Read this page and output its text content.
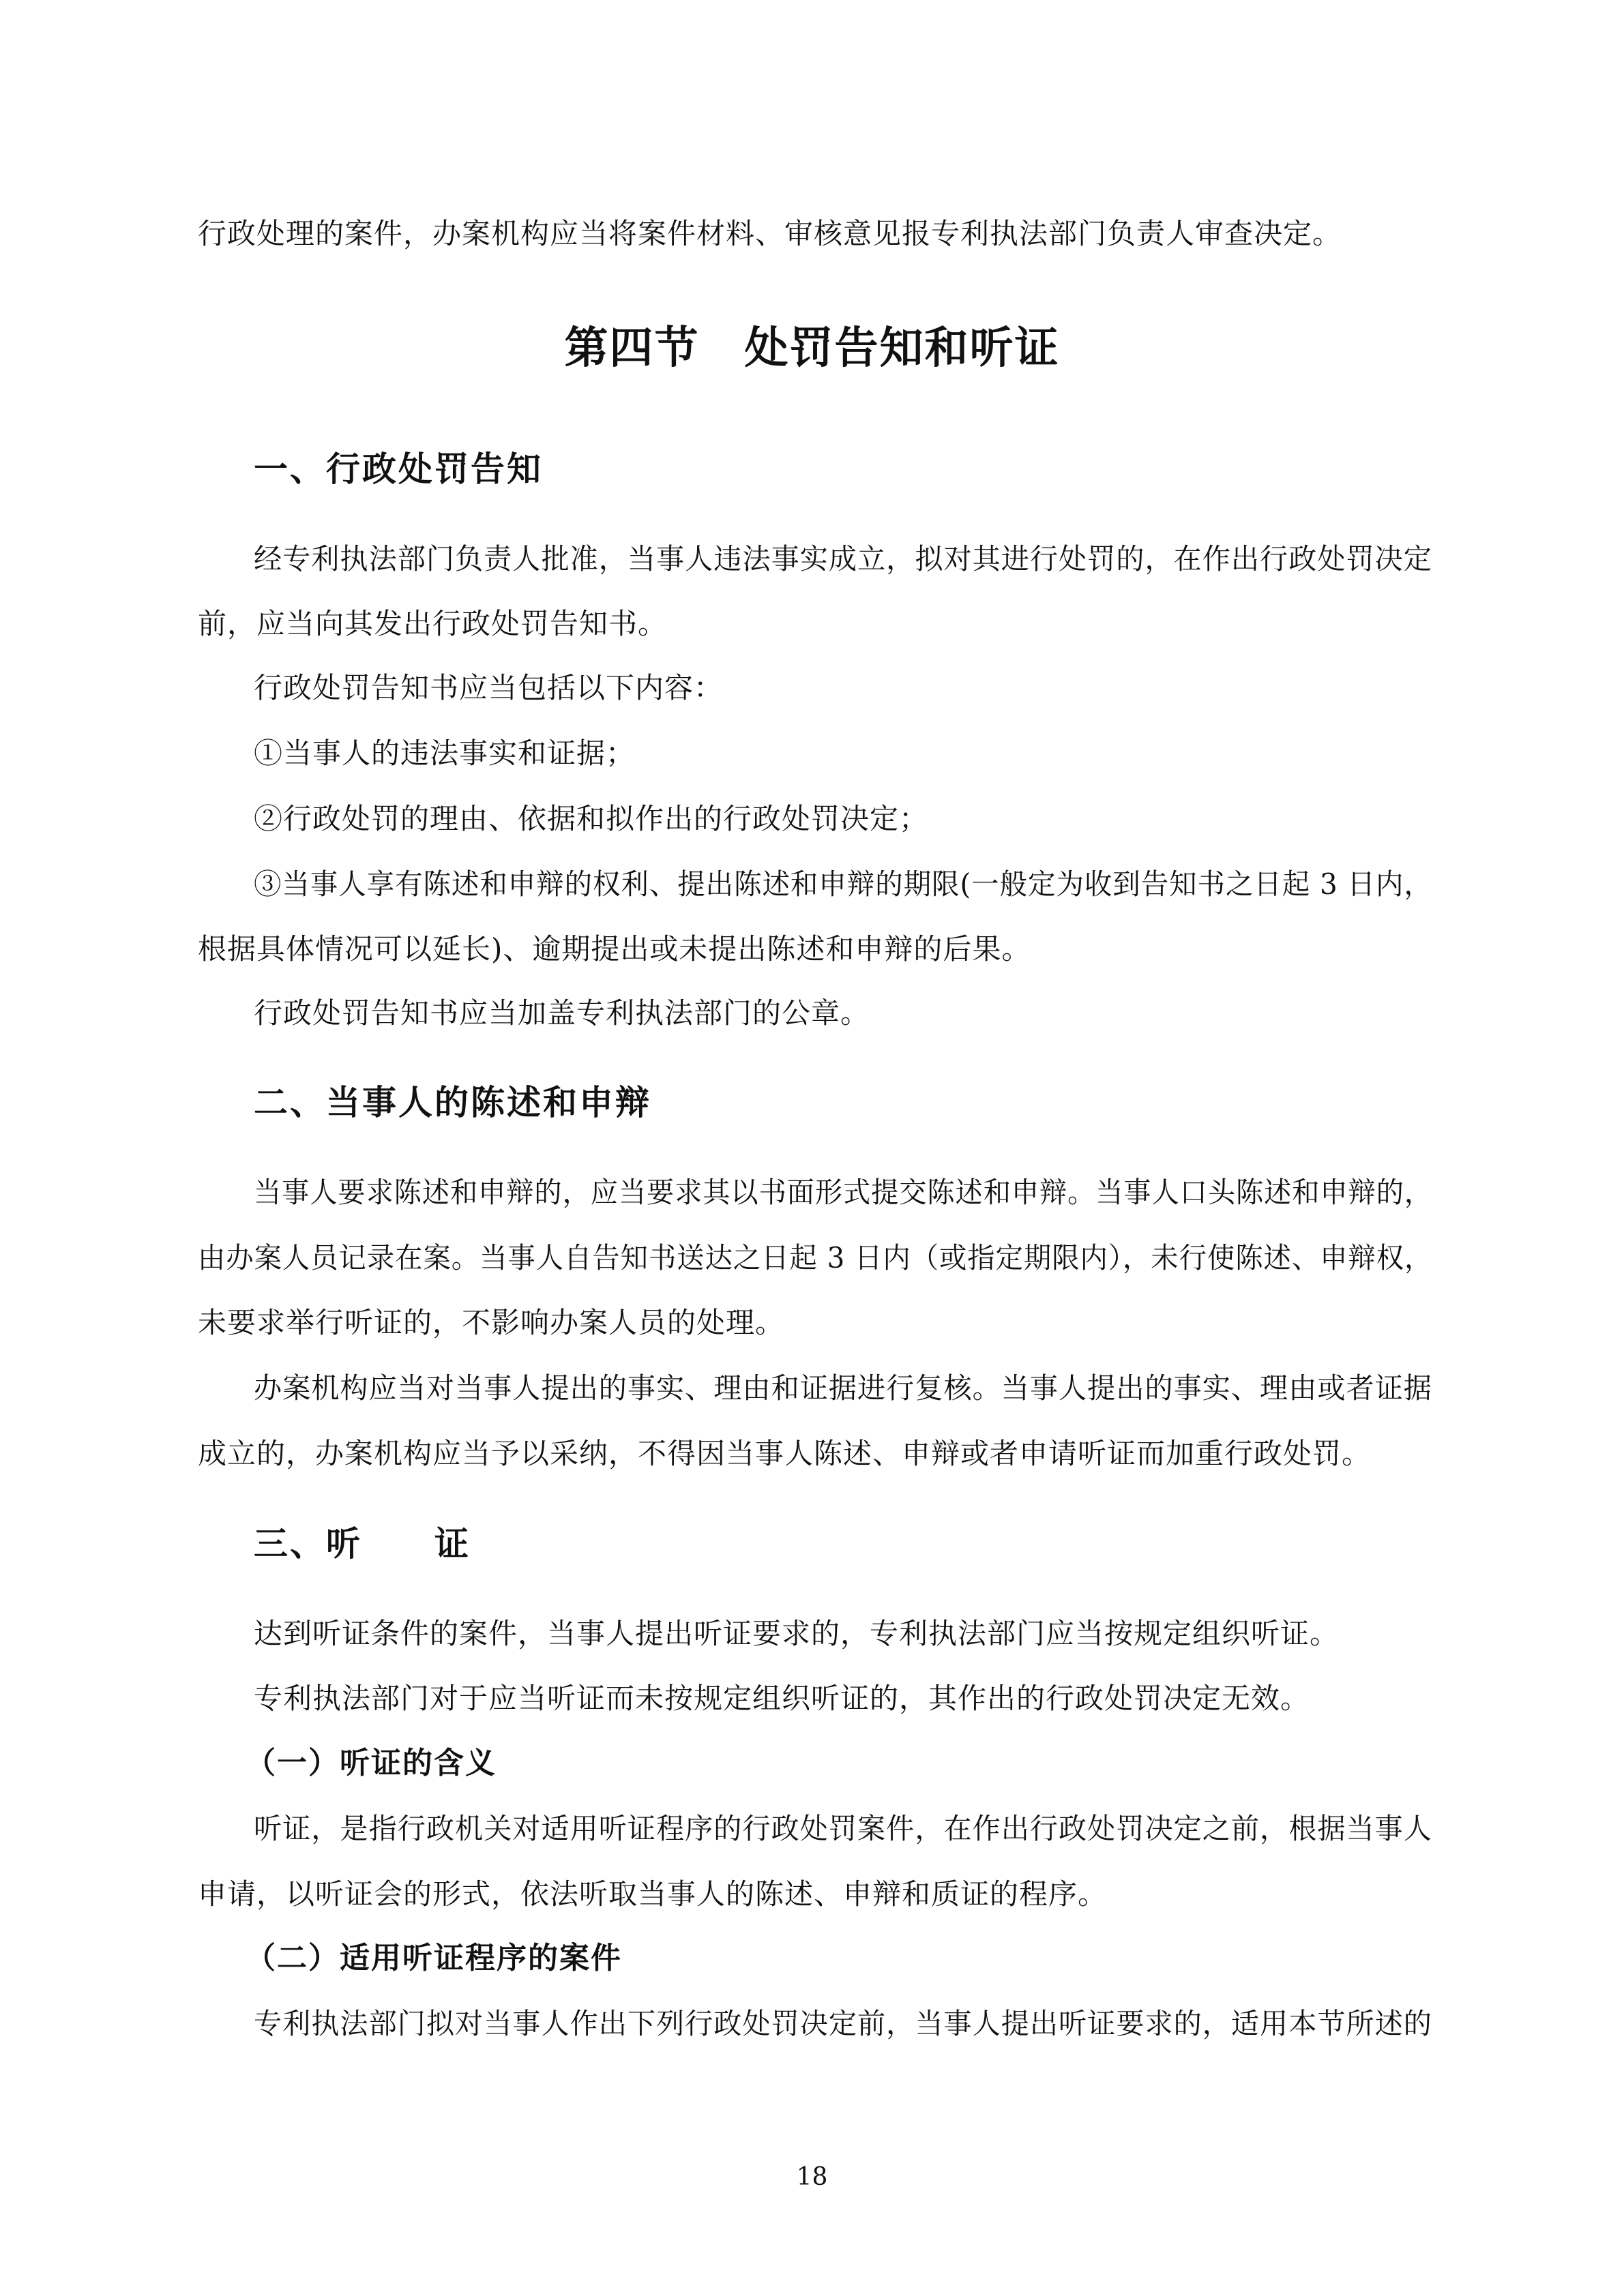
行政处理的案件，办案机构应当将案件材料、审核意见报专利执法部门负责人审查决定。
第四节　处罚告知和听证
一、行政处罚告知
经专利执法部门负责人批准，当事人违法事实成立，拟对其进行处罚的，在作出行政处罚决定
前，应当向其发出行政处罚告知书。
行政处罚告知书应当包括以下内容：
①当事人的违法事实和证据；
②行政处罚的理由、依据和拟作出的行政处罚决定；
③当事人享有陈述和申辩的权利、提出陈述和申辩的期限(一般定为收到告知书之日起 3 日内，
根据具体情况可以延长)、逾期提出或未提出陈述和申辩的后果。
行政处罚告知书应当加盖专利执法部门的公章。
二、当事人的陈述和申辩
当事人要求陈述和申辩的，应当要求其以书面形式提交陈述和申辩。当事人口头陈述和申辩的，
由办案人员记录在案。当事人自告知书送达之日起 3 日内（或指定期限内），未行使陈述、申辩权，
未要求举行听证的，不影响办案人员的处理。
办案机构应当对当事人提出的事实、理由和证据进行复核。当事人提出的事实、理由或者证据
成立的，办案机构应当予以采纳，不得因当事人陈述、申辩或者申请听证而加重行政处罚。
三、听　　证
达到听证条件的案件，当事人提出听证要求的，专利执法部门应当按规定组织听证。
专利执法部门对于应当听证而未按规定组织听证的，其作出的行政处罚决定无效。
（一）听证的含义
听证，是指行政机关对适用听证程序的行政处罚案件，在作出行政处罚决定之前，根据当事人
申请，以听证会的形式，依法听取当事人的陈述、申辩和质证的程序。
（二）适用听证程序的案件
专利执法部门拟对当事人作出下列行政处罚决定前，当事人提出听证要求的，适用本节所述的
18
